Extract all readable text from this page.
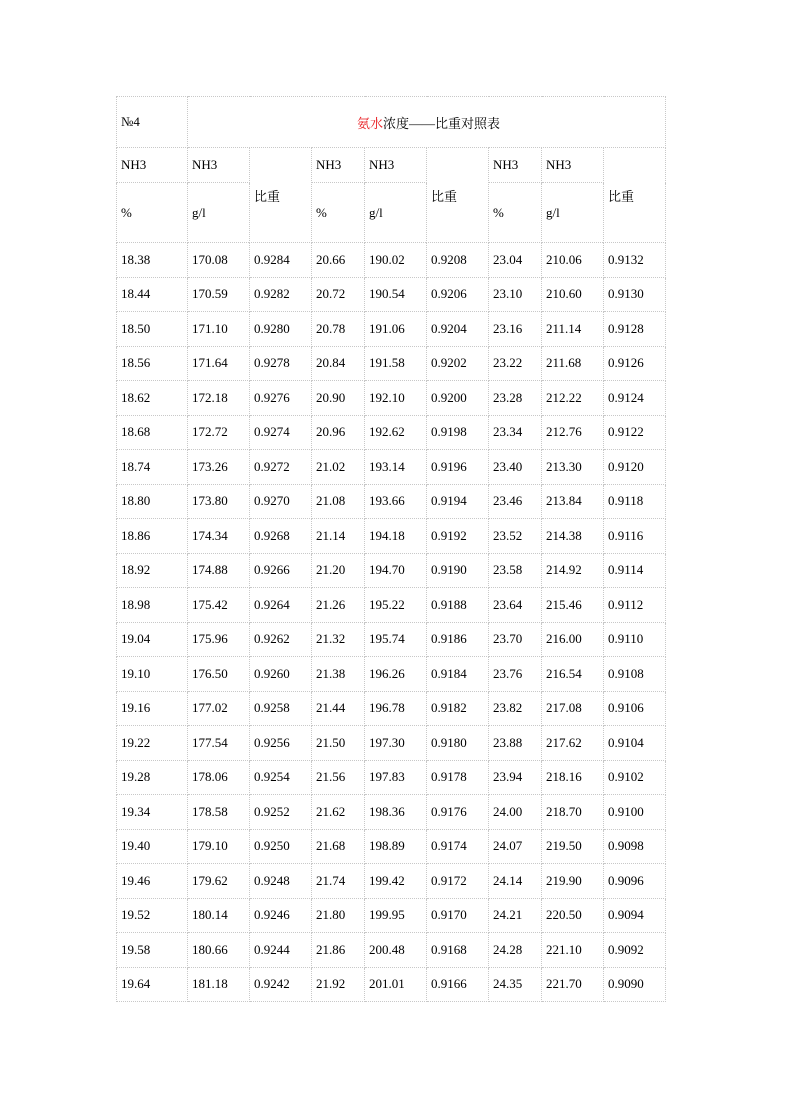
№4	氨水浓度——比重对照表							
NH3	NH3	比重	NH3	NH3	比重	NH3	NH3	比重
%	g/l		%	g/l		%	g/l	
18.38	170.08	0.9284	20.66	190.02	0.9208	23.04	210.06	0.9132
18.44	170.59	0.9282	20.72	190.54	0.9206	23.10	210.60	0.9130
18.50	171.10	0.9280	20.78	191.06	0.9204	23.16	211.14	0.9128
18.56	171.64	0.9278	20.84	191.58	0.9202	23.22	211.68	0.9126
18.62	172.18	0.9276	20.90	192.10	0.9200	23.28	212.22	0.9124
18.68	172.72	0.9274	20.96	192.62	0.9198	23.34	212.76	0.9122
18.74	173.26	0.9272	21.02	193.14	0.9196	23.40	213.30	0.9120
18.80	173.80	0.9270	21.08	193.66	0.9194	23.46	213.84	0.9118
18.86	174.34	0.9268	21.14	194.18	0.9192	23.52	214.38	0.9116
18.92	174.88	0.9266	21.20	194.70	0.9190	23.58	214.92	0.9114
18.98	175.42	0.9264	21.26	195.22	0.9188	23.64	215.46	0.9112
19.04	175.96	0.9262	21.32	195.74	0.9186	23.70	216.00	0.9110
19.10	176.50	0.9260	21.38	196.26	0.9184	23.76	216.54	0.9108
19.16	177.02	0.9258	21.44	196.78	0.9182	23.82	217.08	0.9106
19.22	177.54	0.9256	21.50	197.30	0.9180	23.88	217.62	0.9104
19.28	178.06	0.9254	21.56	197.83	0.9178	23.94	218.16	0.9102
19.34	178.58	0.9252	21.62	198.36	0.9176	24.00	218.70	0.9100
19.40	179.10	0.9250	21.68	198.89	0.9174	24.07	219.50	0.9098
19.46	179.62	0.9248	21.74	199.42	0.9172	24.14	219.90	0.9096
19.52	180.14	0.9246	21.80	199.95	0.9170	24.21	220.50	0.9094
19.58	180.66	0.9244	21.86	200.48	0.9168	24.28	221.10	0.9092
19.64	181.18	0.9242	21.92	201.01	0.9166	24.35	221.70	0.9090
